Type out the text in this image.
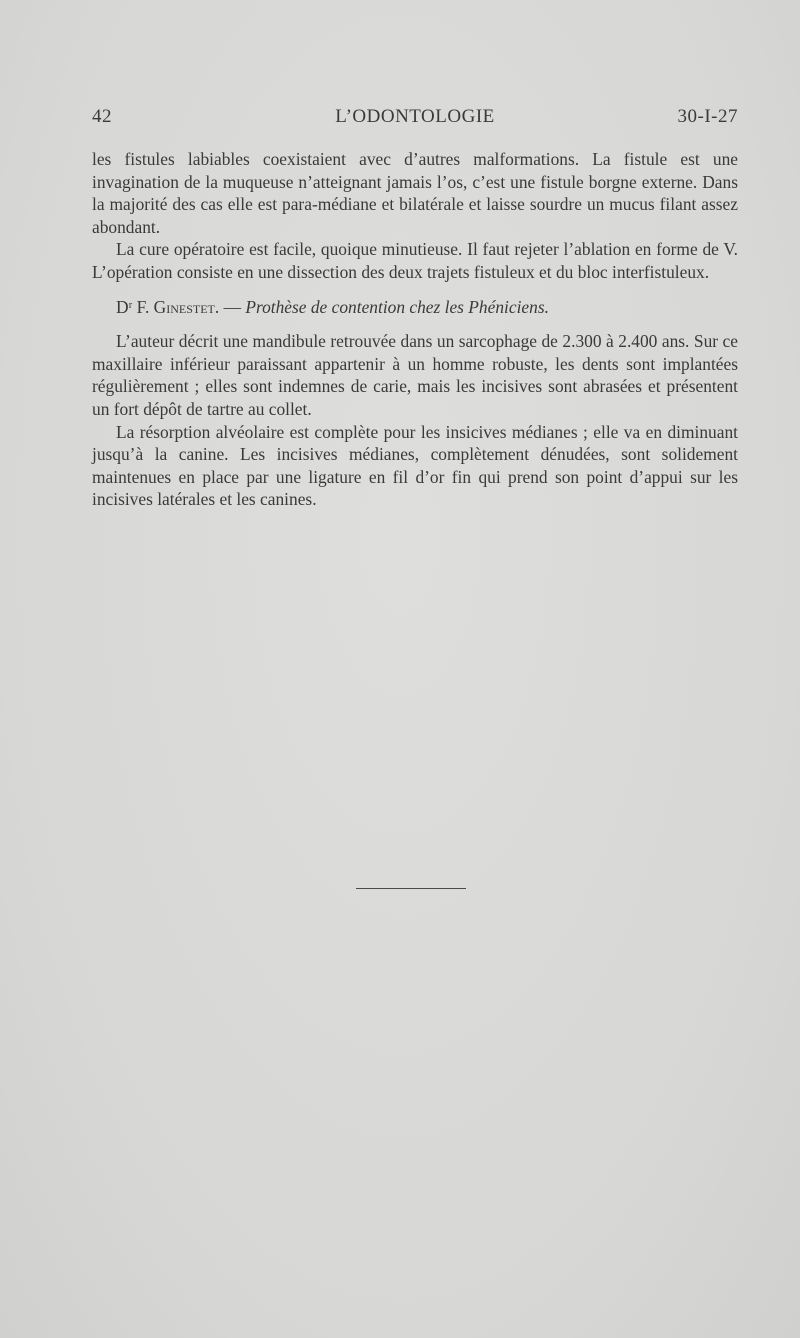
42	L’ODONTOLOGIE	30-I-27

les fistules labiables coexistaient avec d’autres malformations. La fistule est une invagination de la muqueuse n’atteignant jamais l’os, c’est une fistule borgne externe. Dans la majorité des cas elle est para-médiane et bilatérale et laisse sourdre un mucus filant assez abondant.

La cure opératoire est facile, quoique minutieuse. Il faut rejeter l’ablation en forme de V. L’opération consiste en une dissection des deux trajets fistuleux et du bloc interfistuleux.

Dʳ F. Ginestet. — Prothèse de contention chez les Phéniciens.

L’auteur décrit une mandibule retrouvée dans un sarcophage de 2.300 à 2.400 ans. Sur ce maxillaire inférieur paraissant appartenir à un homme robuste, les dents sont implantées régulièrement ; elles sont indemnes de carie, mais les incisives sont abrasées et présentent un fort dépôt de tartre au collet.

La résorption alvéolaire est complète pour les insicives médianes ; elle va en diminuant jusqu’à la canine. Les incisives médianes, complètement dénudées, sont solidement maintenues en place par une ligature en fil d’or fin qui prend son point d’appui sur les incisives latérales et les canines.
